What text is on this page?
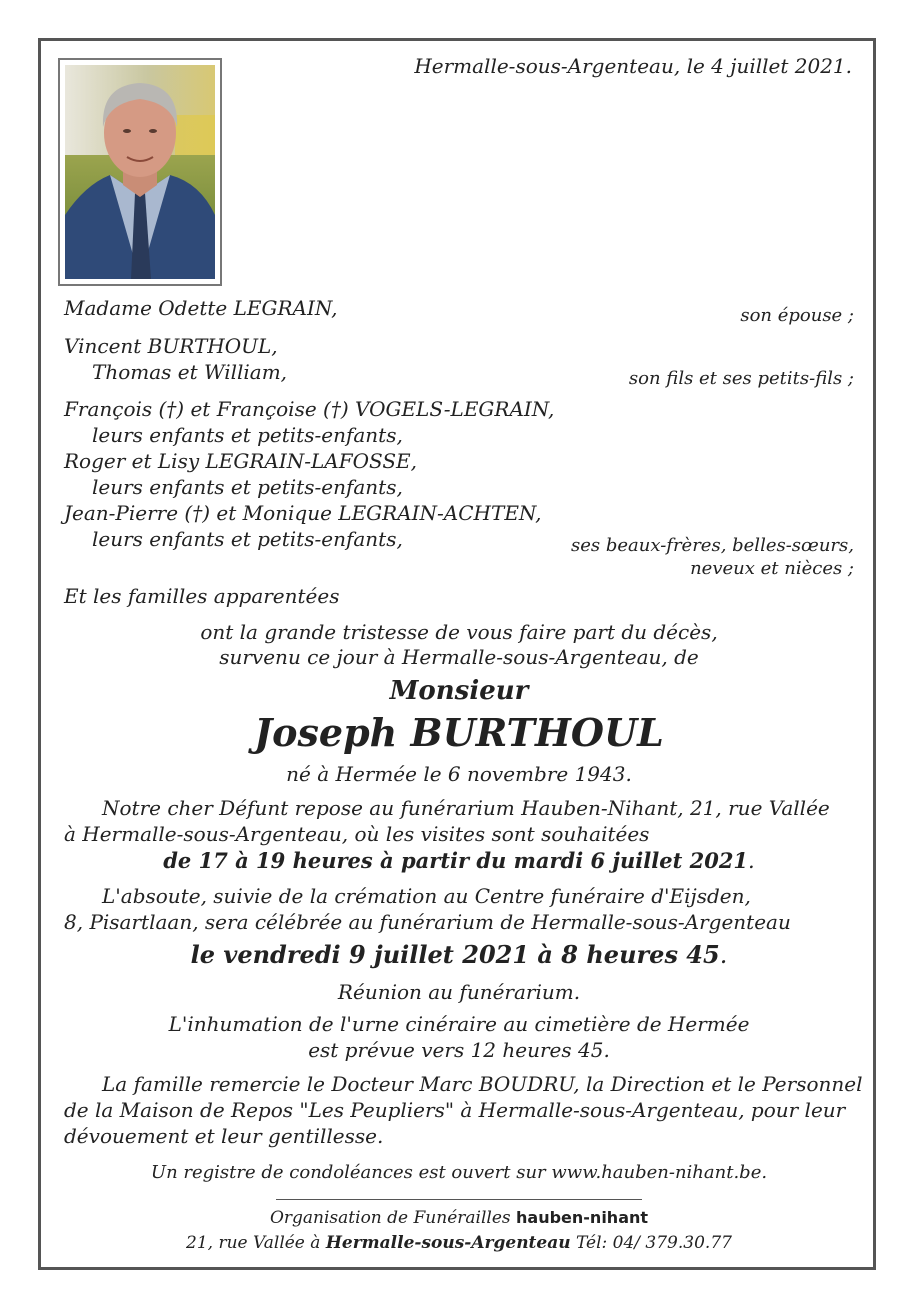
Hermalle-sous-Argenteau, le 4 juillet 2021.
Madame Odette LEGRAIN,	son épouse ;
Vincent BURTHOUL,
Thomas et William,	son fils et ses petits-fils ;
François (†) et Françoise (†) VOGELS-LEGRAIN,
leurs enfants et petits-enfants,
Roger et Lisy LEGRAIN-LAFOSSE,
leurs enfants et petits-enfants,
Jean-Pierre (†) et Monique LEGRAIN-ACHTEN,
leurs enfants et petits-enfants,	ses beaux-frères, belles-sœurs,
neveux et nièces ;
Et les familles apparentées
ont la grande tristesse de vous faire part du décès,
survenu ce jour à Hermalle-sous-Argenteau, de
Monsieur
Joseph BURTHOUL
né à Hermée le 6 novembre 1943.
Notre cher Défunt repose au funérarium Hauben-Nihant, 21, rue Vallée
à Hermalle-sous-Argenteau, où les visites sont souhaitées
de 17 à 19 heures à partir du mardi 6 juillet 2021.
L'absoute, suivie de la crémation au Centre funéraire d'Eijsden,
8, Pisartlaan, sera célébrée au funérarium de Hermalle-sous-Argenteau
le vendredi 9 juillet 2021 à 8 heures 45.
Réunion au funérarium.
L'inhumation de l'urne cinéraire au cimetière de Hermée
est prévue vers 12 heures 45.
La famille remercie le Docteur Marc BOUDRU, la Direction et le Personnel
de la Maison de Repos "Les Peupliers" à Hermalle-sous-Argenteau, pour leur
dévouement et leur gentillesse.
Un registre de condoléances est ouvert sur www.hauben-nihant.be.
Organisation de Funérailles hauben-nihant
21, rue Vallée à Hermalle-sous-Argenteau Tél: 04/ 379.30.77
